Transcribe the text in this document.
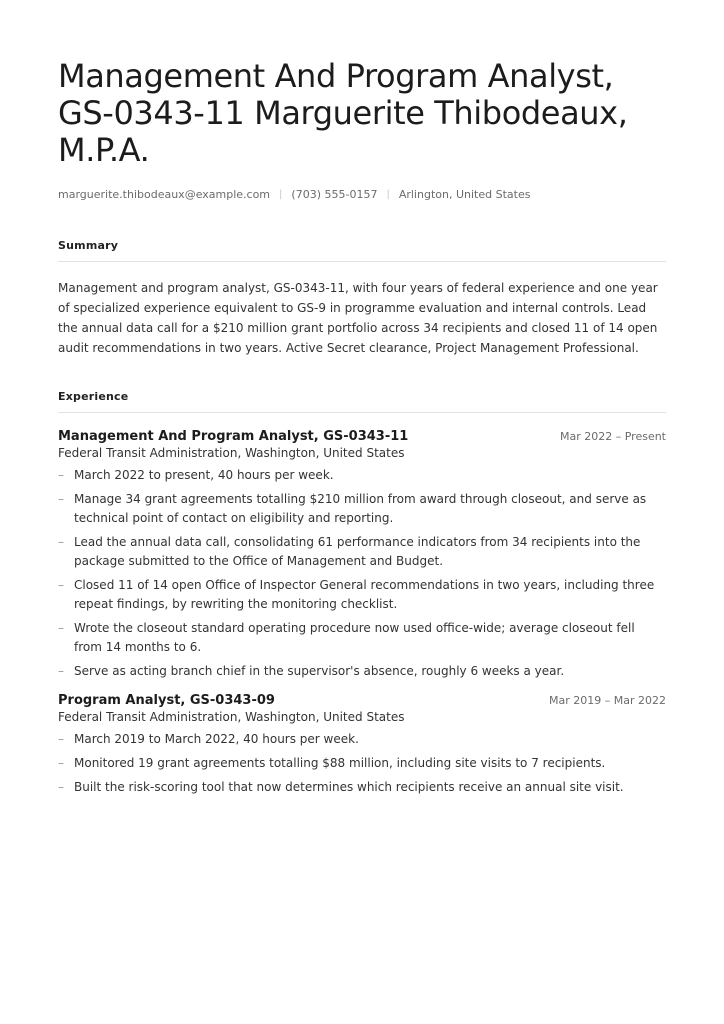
Management And Program Analyst, GS-0343-11 Marguerite Thibodeaux, M.P.A.
marguerite.thibodeaux@example.com | (703) 555-0157 | Arlington, United States
Summary
Management and program analyst, GS-0343-11, with four years of federal experience and one year of specialized experience equivalent to GS-9 in programme evaluation and internal controls. Lead the annual data call for a $210 million grant portfolio across 34 recipients and closed 11 of 14 open audit recommendations in two years. Active Secret clearance, Project Management Professional.
Experience
Management And Program Analyst, GS-0343-11	Mar 2022 – Present
Federal Transit Administration, Washington, United States
– March 2022 to present, 40 hours per week.
– Manage 34 grant agreements totalling $210 million from award through closeout, and serve as technical point of contact on eligibility and reporting.
– Lead the annual data call, consolidating 61 performance indicators from 34 recipients into the package submitted to the Office of Management and Budget.
– Closed 11 of 14 open Office of Inspector General recommendations in two years, including three repeat findings, by rewriting the monitoring checklist.
– Wrote the closeout standard operating procedure now used office-wide; average closeout fell from 14 months to 6.
– Serve as acting branch chief in the supervisor's absence, roughly 6 weeks a year.
Program Analyst, GS-0343-09	Mar 2019 – Mar 2022
Federal Transit Administration, Washington, United States
– March 2019 to March 2022, 40 hours per week.
– Monitored 19 grant agreements totalling $88 million, including site visits to 7 recipients.
– Built the risk-scoring tool that now determines which recipients receive an annual site visit.
